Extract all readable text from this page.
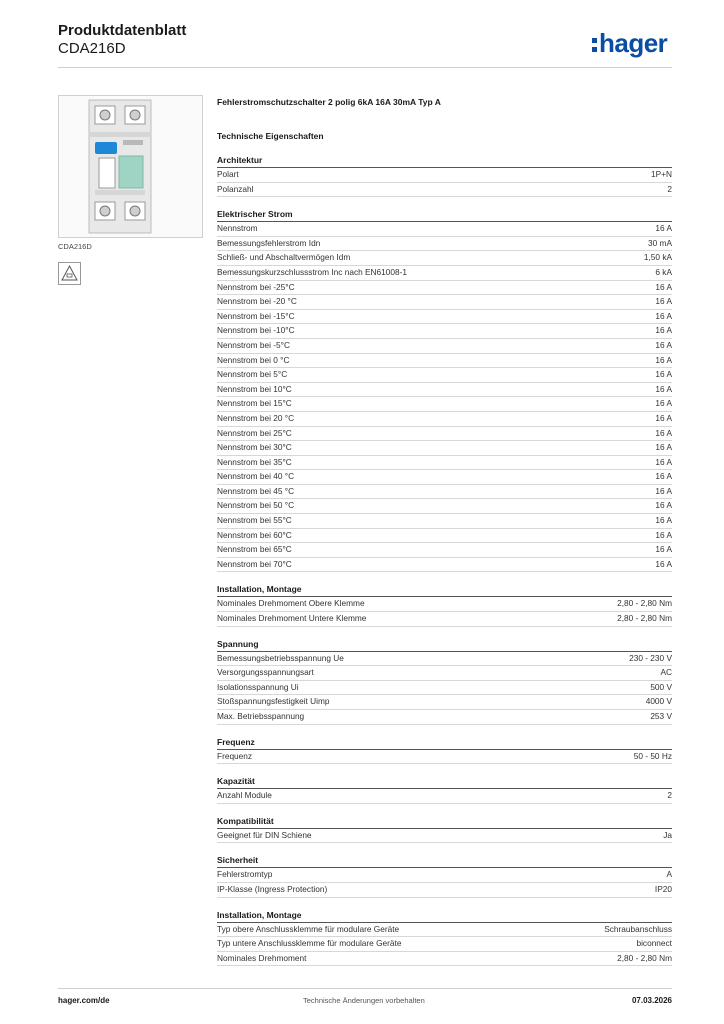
Produktdatenblatt
CDA216D	hager
CDA216D
Fehlerstromschutzschalter 2 polig 6kA 16A 30mA Typ A
Technische Eigenschaften
Architektur
Polart	1P+N
Polanzahl	2
Elektrischer Strom
Nennstrom	16 A
Bemessungsfehlerstrom Idn	30 mA
Schließ- und Abschaltvermögen Idm	1,50 kA
Bemessungskurzschlussstrom Inc nach EN61008-1	6 kA
Nennstrom bei -25°C	16 A
Nennstrom bei -20 °C	16 A
Nennstrom bei -15°C	16 A
Nennstrom bei -10°C	16 A
Nennstrom bei -5°C	16 A
Nennstrom bei 0 °C	16 A
Nennstrom bei 5°C	16 A
Nennstrom bei 10°C	16 A
Nennstrom bei 15°C	16 A
Nennstrom bei 20 °C	16 A
Nennstrom bei 25°C	16 A
Nennstrom bei 30°C	16 A
Nennstrom bei 35°C	16 A
Nennstrom bei 40 °C	16 A
Nennstrom bei 45 °C	16 A
Nennstrom bei 50 °C	16 A
Nennstrom bei 55°C	16 A
Nennstrom bei 60°C	16 A
Nennstrom bei 65°C	16 A
Nennstrom bei 70°C	16 A
Installation, Montage
Nominales Drehmoment Obere Klemme	2,80 - 2,80 Nm
Nominales Drehmoment Untere Klemme	2,80 - 2,80 Nm
Spannung
Bemessungsbetriebsspannung Ue	230 - 230 V
Versorgungsspannungsart	AC
Isolationsspannung Ui	500 V
Stoßspannungsfestigkeit Uimp	4000 V
Max. Betriebsspannung	253 V
Frequenz
Frequenz	50 - 50 Hz
Kapazität
Anzahl Module	2
Kompatibilität
Geeignet für DIN Schiene	Ja
Sicherheit
Fehlerstromtyp	A
IP-Klasse (Ingress Protection)	IP20
Installation, Montage
Typ obere Anschlussklemme für modulare Geräte	Schraubanschluss
Typ untere Anschlussklemme für modulare Geräte	biconnect
Nominales Drehmoment	2,80 - 2,80 Nm
hager.com/de	Technische Änderungen vorbehalten	07.03.2026
